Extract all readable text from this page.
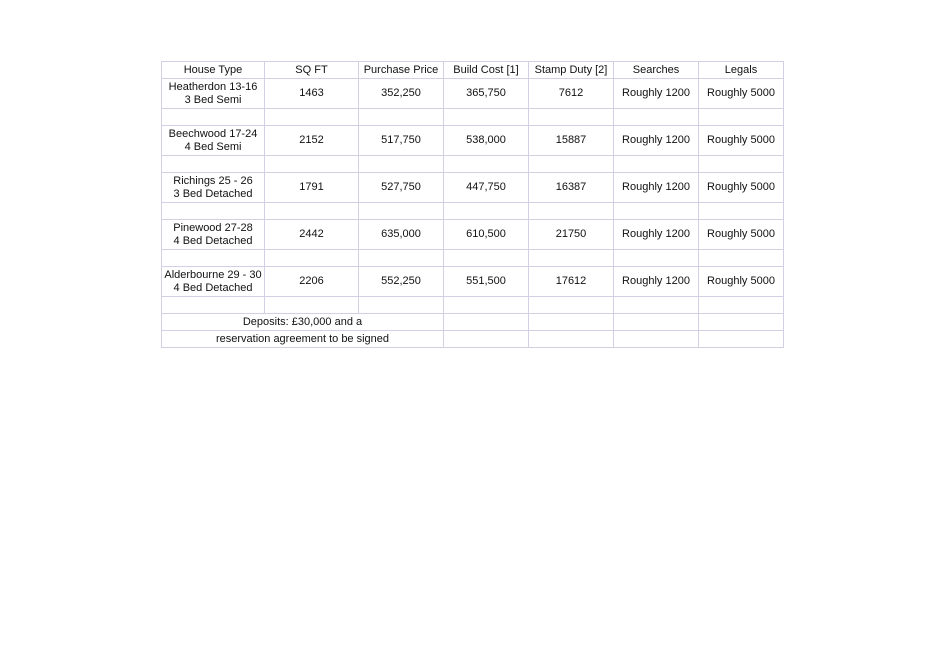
House Type	SQ FT	Purchase Price	Build Cost [1]	Stamp Duty [2]	Searches	Legals

Heatherdon 13-16
3 Bed Semi	1463	352,250	365,750	7612	Roughly 1200	Roughly 5000

Beechwood 17-24
4 Bed Semi	2152	517,750	538,000	15887	Roughly 1200	Roughly 5000

Richings 25 - 26
3 Bed Detached	1791	527,750	447,750	16387	Roughly 1200	Roughly 5000

Pinewood 27-28
4 Bed Detached	2442	635,000	610,500	21750	Roughly 1200	Roughly 5000

Alderbourne 29 - 30
4 Bed Detached	2206	552,250	551,500	17612	Roughly 1200	Roughly 5000

Deposits: £30,000 and a						
reservation agreement to be signed						
